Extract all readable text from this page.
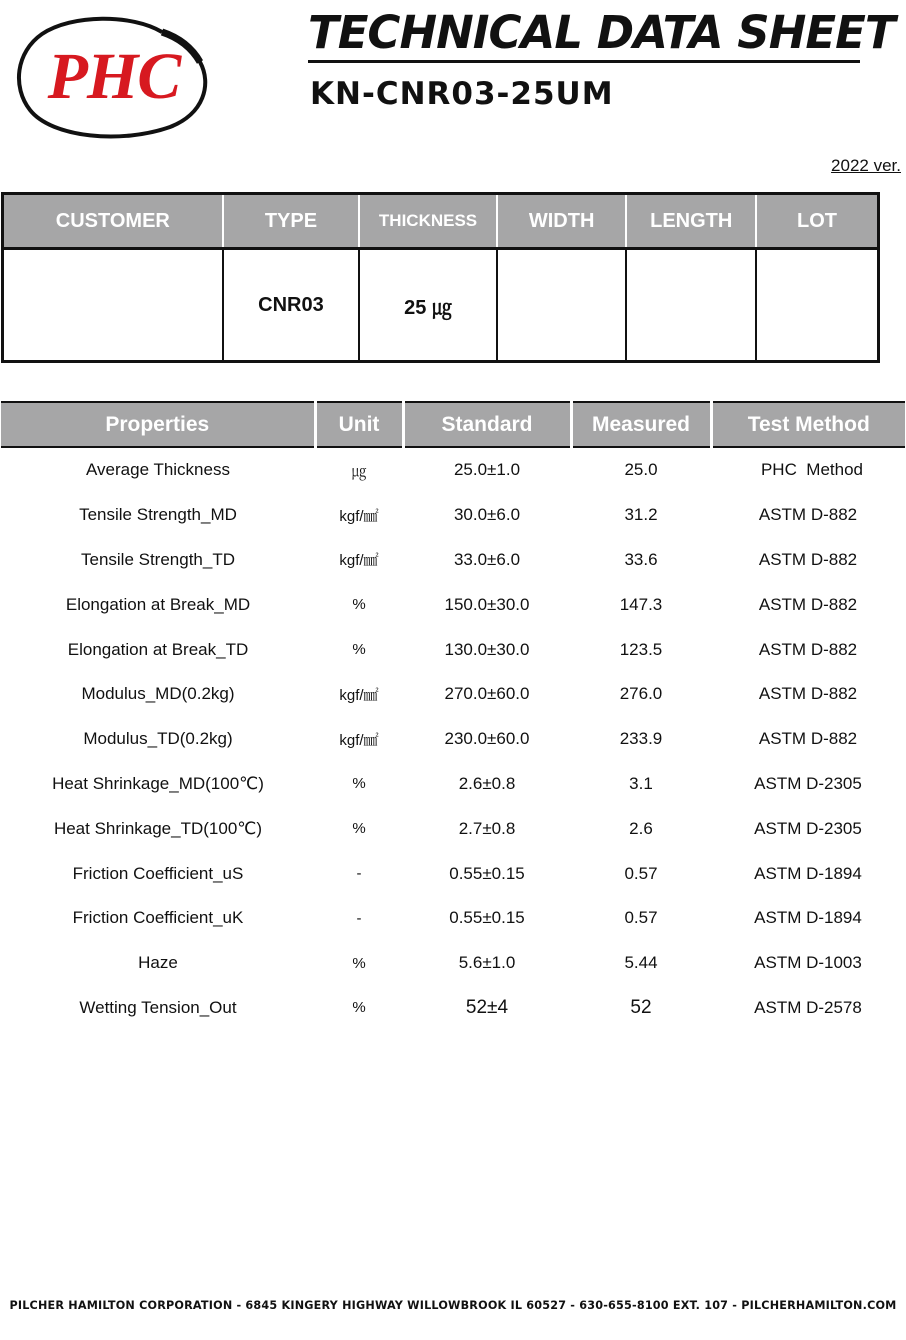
PHC
TECHNICAL DATA SHEET
KN-CNR03-25UM
2022 ver.
CUSTOMER	TYPE	THICKNESS	WIDTH	LENGTH	LOT
	CNR03	25 ㎍			
Properties	Unit	Standard	Measured	Test Method
Average Thickness	㎍	25.0±1.0	25.0	PHC  Method
Tensile Strength_MD	kgf/㎟	30.0±6.0	31.2	ASTM D-882
Tensile Strength_TD	kgf/㎟	33.0±6.0	33.6	ASTM D-882
Elongation at Break_MD	%	150.0±30.0	147.3	ASTM D-882
Elongation at Break_TD	%	130.0±30.0	123.5	ASTM D-882
Modulus_MD(0.2kg)	kgf/㎟	270.0±60.0	276.0	ASTM D-882
Modulus_TD(0.2kg)	kgf/㎟	230.0±60.0	233.9	ASTM D-882
Heat Shrinkage_MD(100℃)	%	2.6±0.8	3.1	ASTM D-2305
Heat Shrinkage_TD(100℃)	%	2.7±0.8	2.6	ASTM D-2305
Friction Coefficient_uS	-	0.55±0.15	0.57	ASTM D-1894
Friction Coefficient_uK	-	0.55±0.15	0.57	ASTM D-1894
Haze	%	5.6±1.0	5.44	ASTM D-1003
Wetting Tension_Out	%	52±4	52	ASTM D-2578
PILCHER HAMILTON CORPORATION - 6845 KINGERY HIGHWAY WILLOWBROOK IL 60527 - 630-655-8100 EXT. 107 - PILCHERHAMILTON.COM
